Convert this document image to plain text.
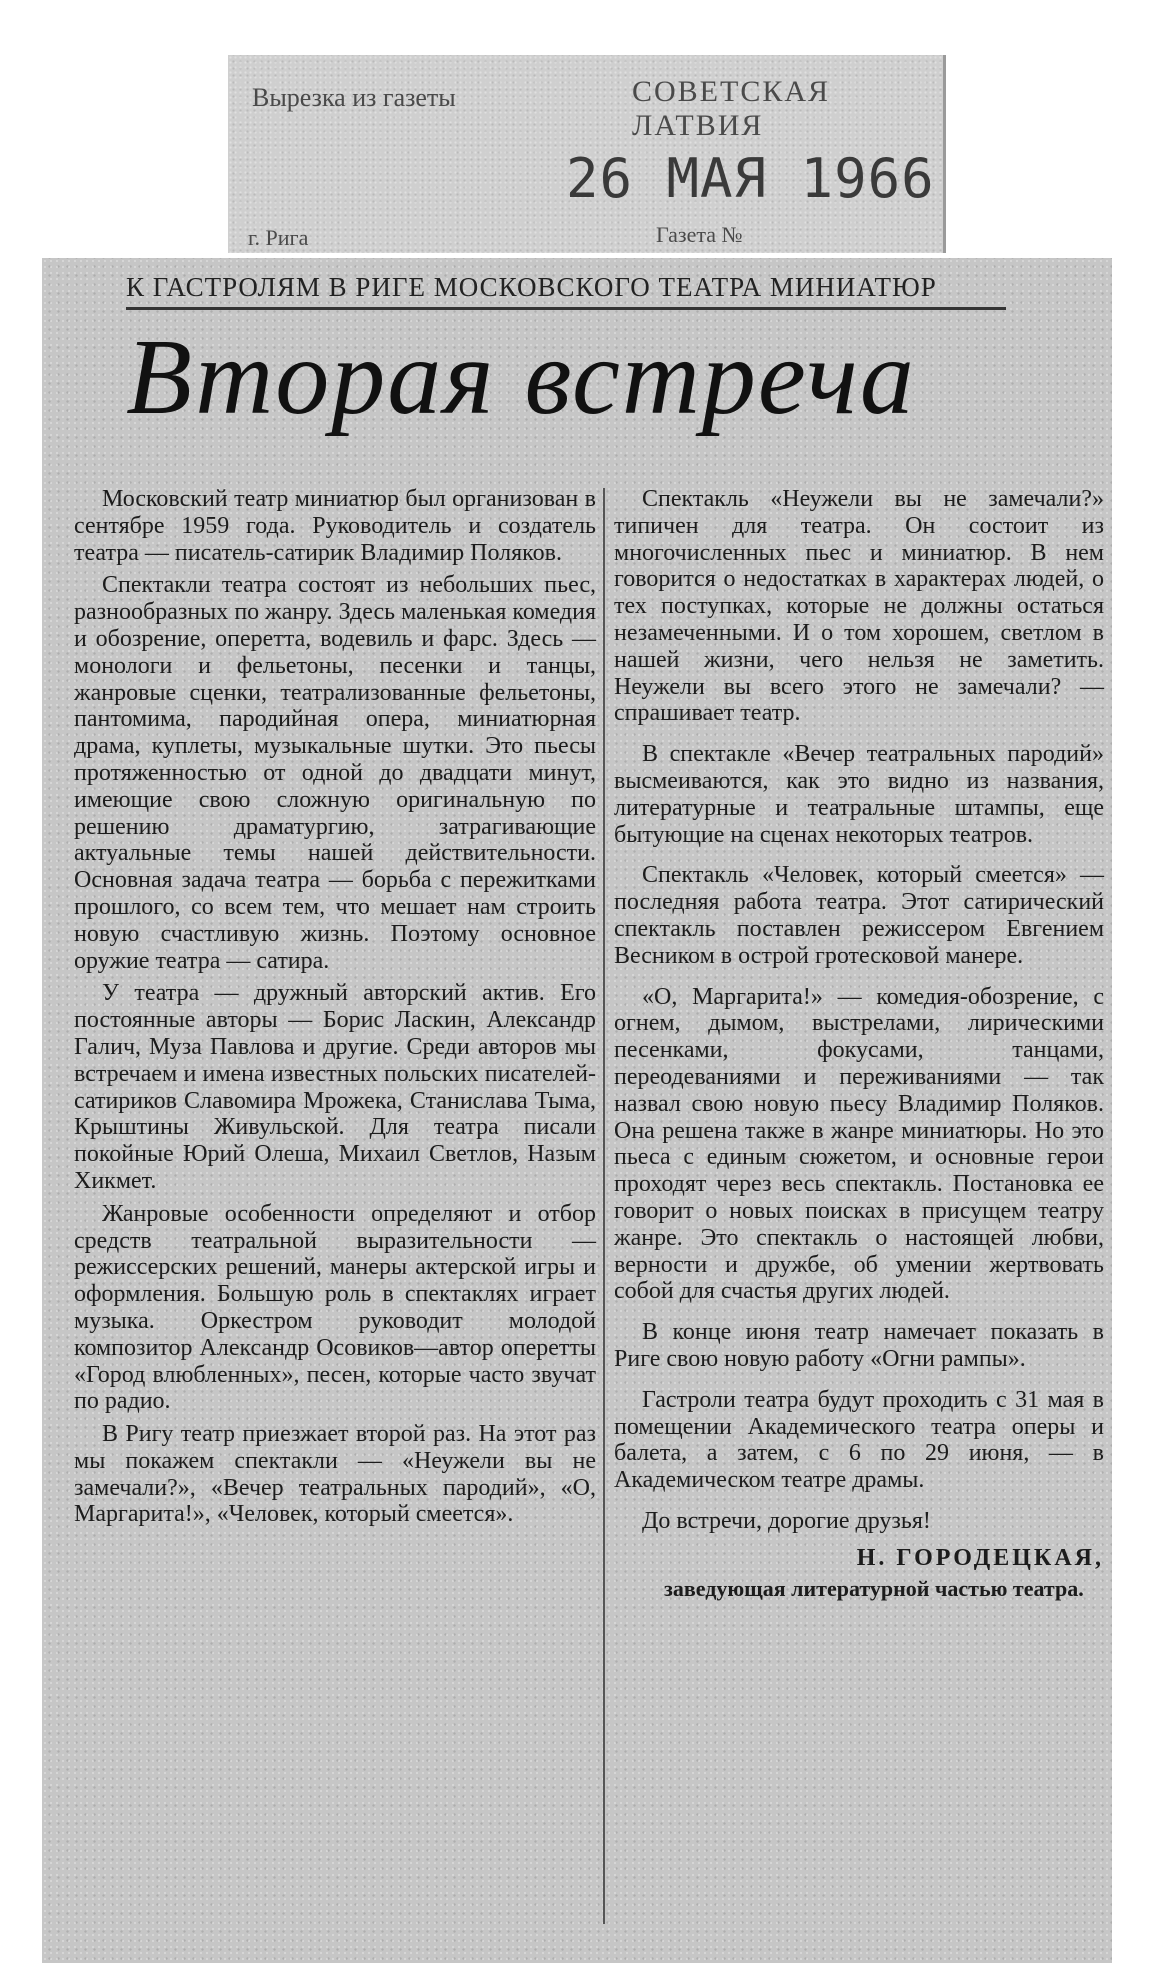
Вырезка из газеты	СОВЕТСКАЯ ЛАТВИЯ
26 МАЯ 1966
г. Рига	Газета №
К ГАСТРОЛЯМ В РИГЕ МОСКОВСКОГО ТЕАТРА МИНИАТЮР
Вторая встреча

Московский театр миниатюр был организован в сентябре 1959 года. Руководитель и создатель театра — писатель-сатирик Владимир Поляков.

Спектакли театра состоят из небольших пьес, разнообразных по жанру. Здесь маленькая комедия и обозрение, оперетта, водевиль и фарс. Здесь — монологи и фельетоны, песенки и танцы, жанровые сценки, театрализованные фельетоны, пантомима, пародийная опера, миниатюрная драма, куплеты, музыкальные шутки. Это пьесы протяженностью от одной до двадцати минут, имеющие свою сложную оригинальную по решению драматургию, затрагивающие актуальные темы нашей действительности. Основная задача театра — борьба с пережитками прошлого, со всем тем, что мешает нам строить новую счастливую жизнь. Поэтому основное оружие театра — сатира.

У театра — дружный авторский актив. Его постоянные авторы — Борис Ласкин, Александр Галич, Муза Павлова и другие. Среди авторов мы встречаем и имена известных польских писателей-сатириков Славомира Мрожека, Станислава Тыма, Крыштины Живульской. Для театра писали покойные Юрий Олеша, Михаил Светлов, Назым Хикмет.

Жанровые особенности определяют и отбор средств театральной выразительности — режиссерских решений, манеры актерской игры и оформления. Большую роль в спектаклях играет музыка. Оркестром руководит молодой композитор Александр Осовиков—автор оперетты «Город влюбленных», песен, которые часто звучат по радио.

В Ригу театр приезжает второй раз. На этот раз мы покажем спектакли — «Неужели вы не замечали?», «Вечер театральных пародий», «О, Маргарита!», «Человек, который смеется».

Спектакль «Неужели вы не замечали?» типичен для театра. Он состоит из многочисленных пьес и миниатюр. В нем говорится о недостатках в характерах людей, о тех поступках, которые не должны остаться незамеченными. И о том хорошем, светлом в нашей жизни, чего нельзя не заметить. Неужели вы всего этого не замечали? — спрашивает театр.

В спектакле «Вечер театральных пародий» высмеиваются, как это видно из названия, литературные и театральные штампы, еще бытующие на сценах некоторых театров.

Спектакль «Человек, который смеется» — последняя работа театра. Этот сатирический спектакль поставлен режиссером Евгением Весником в острой гротесковой манере.

«О, Маргарита!» — комедия-обозрение, с огнем, дымом, выстрелами, лирическими песенками, фокусами, танцами, переодеваниями и переживаниями — так назвал свою новую пьесу Владимир Поляков. Она решена также в жанре миниатюры. Но это пьеса с единым сюжетом, и основные герои проходят через весь спектакль. Постановка ее говорит о новых поисках в присущем театру жанре. Это спектакль о настоящей любви, верности и дружбе, об умении жертвовать собой для счастья других людей.

В конце июня театр намечает показать в Риге свою новую работу «Огни рампы».

Гастроли театра будут проходить с 31 мая в помещении Академического театра оперы и балета, а затем, с 6 по 29 июня, — в Академическом театре драмы.

До встречи, дорогие друзья!

Н. ГОРОДЕЦКАЯ,

заведующая литературной частью театра.
